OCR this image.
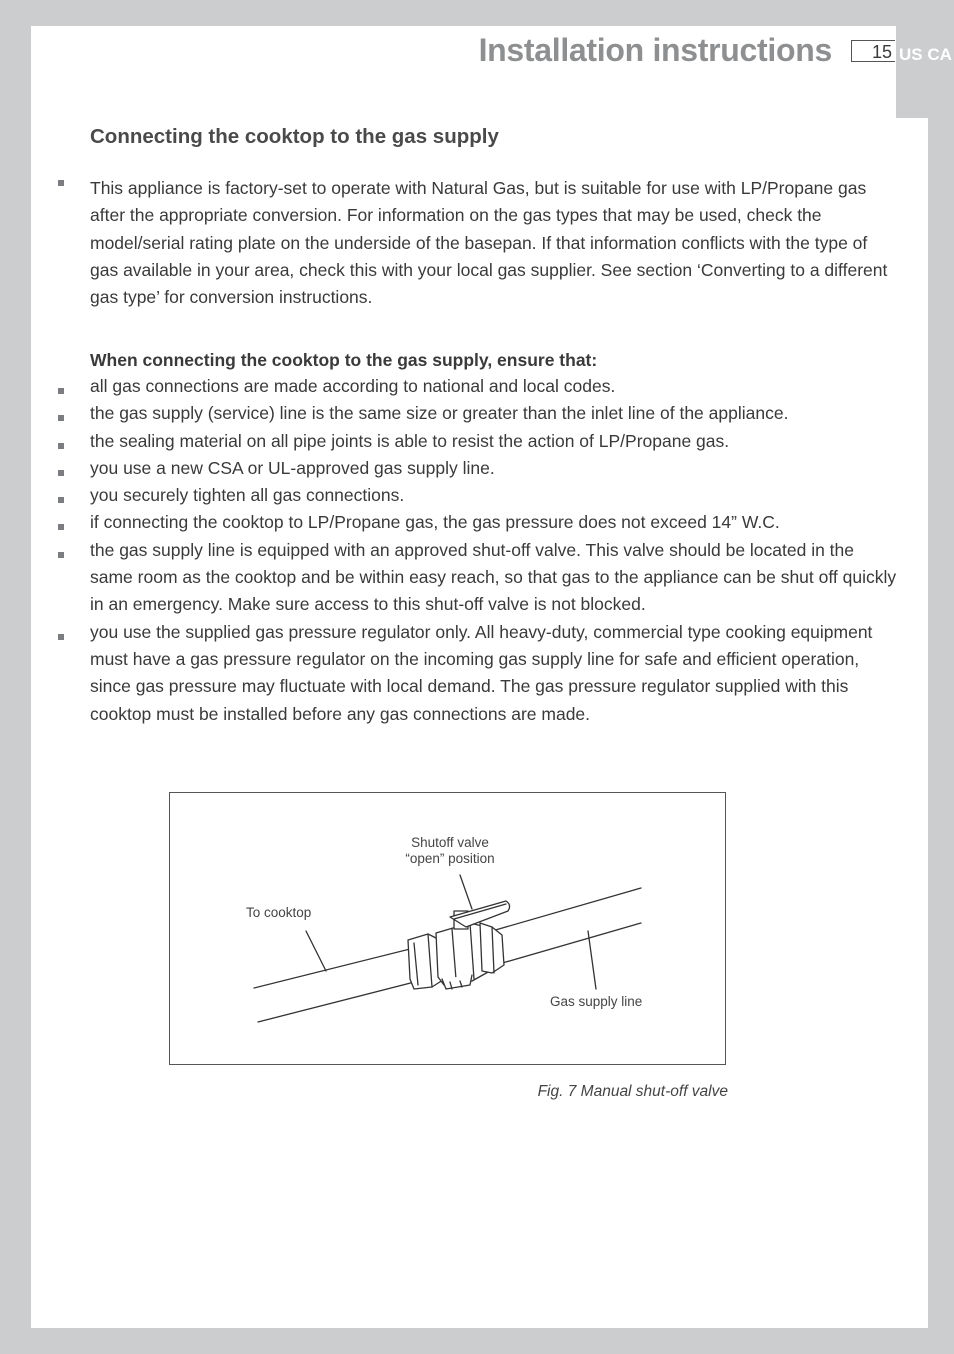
US CA
Installation instructions	15
Connecting the cooktop to the gas supply

This appliance is factory-set to operate with Natural Gas, but is suitable for use with LP/Propane gas after the appropriate conversion. For information on the gas types that may be used, check the model/serial rating plate on the underside of the basepan. If that information conflicts with the type of gas available in your area, check this with your local gas supplier. See section ‘Converting to a different gas type’ for conversion instructions.

When connecting the cooktop to the gas supply, ensure that:

all gas connections are made according to national and local codes.
the gas supply (service) line is the same size or greater than the inlet line of the appliance.
the sealing material on all pipe joints is able to resist the action of LP/Propane gas.
you use a new CSA or UL-approved gas supply line.
you securely tighten all gas connections.
if connecting the cooktop to LP/Propane gas, the gas pressure does not exceed 14” W.C.
the gas supply line is equipped with an approved shut-off valve. This valve should be located in the same room as the cooktop and be within easy reach, so that gas to the appliance can be shut off quickly in an emergency. Make sure access to this shut-off valve is not blocked.
you use the supplied gas pressure regulator only. All heavy-duty, commercial type cooking equipment must have a gas pressure regulator on the incoming gas supply line for safe and efficient operation, since gas pressure may fluctuate with local demand. The gas pressure regulator supplied with this cooktop must be installed before any gas connections are made.
Shutoff valve
“open” position
To cooktop
Gas supply line

Fig. 7 Manual shut-off valve
